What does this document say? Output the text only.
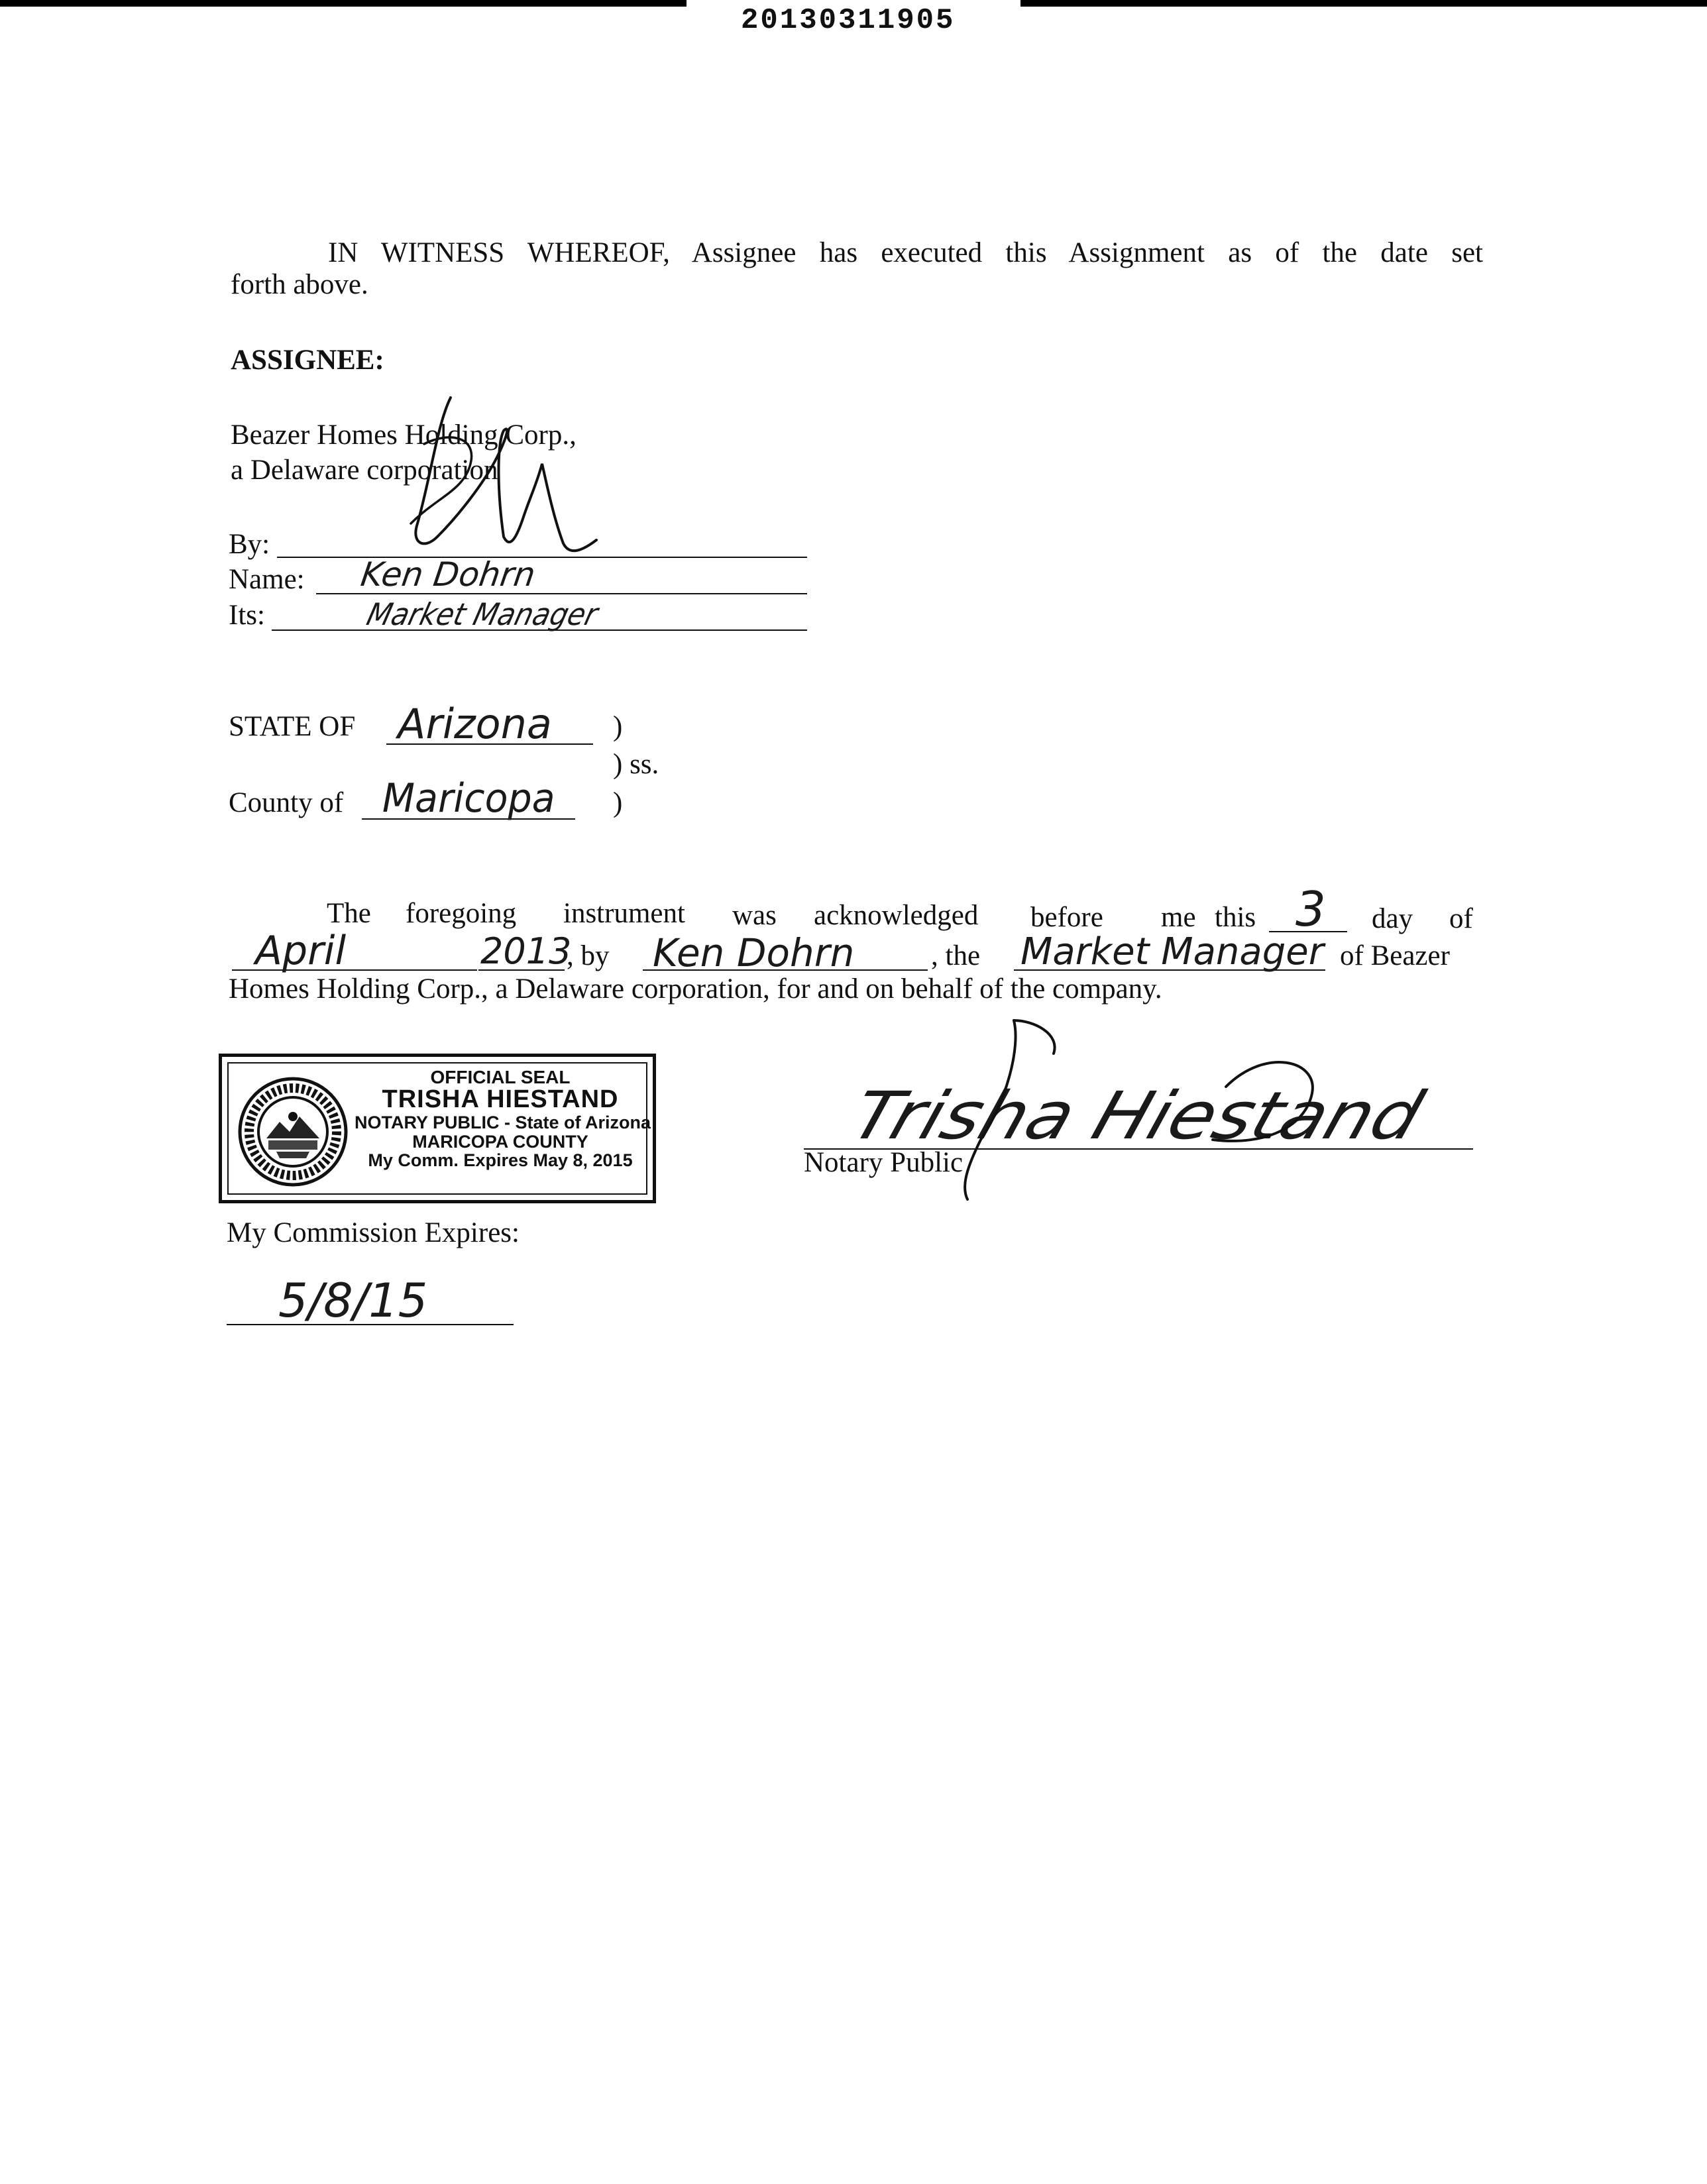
20130311905
IN WITNESS WHEREOF, Assignee has executed this Assignment as of the date set
forth above.
ASSIGNEE:
Beazer Homes Holding Corp.,
a Delaware corporation
By:
Name: Ken Dohrn
Its:	Market Manager
STATE OF Arizona )
) ss.
County of Maricopa )
The foregoing instrument was acknowledged before me this 3 day of
April	2013
, by Ken Dohrn	, the Market Manager of Beazer
Homes Holding Corp., a Delaware corporation, for and on behalf of the company.
OFFICIAL SEAL
TRISHA HIESTAND
NOTARY PUBLIC - State of Arizona
MARICOPA COUNTY
My Comm. Expires May 8, 2015
Trisha Hiestand
Notary Public
My Commission Expires:
5/8/15
